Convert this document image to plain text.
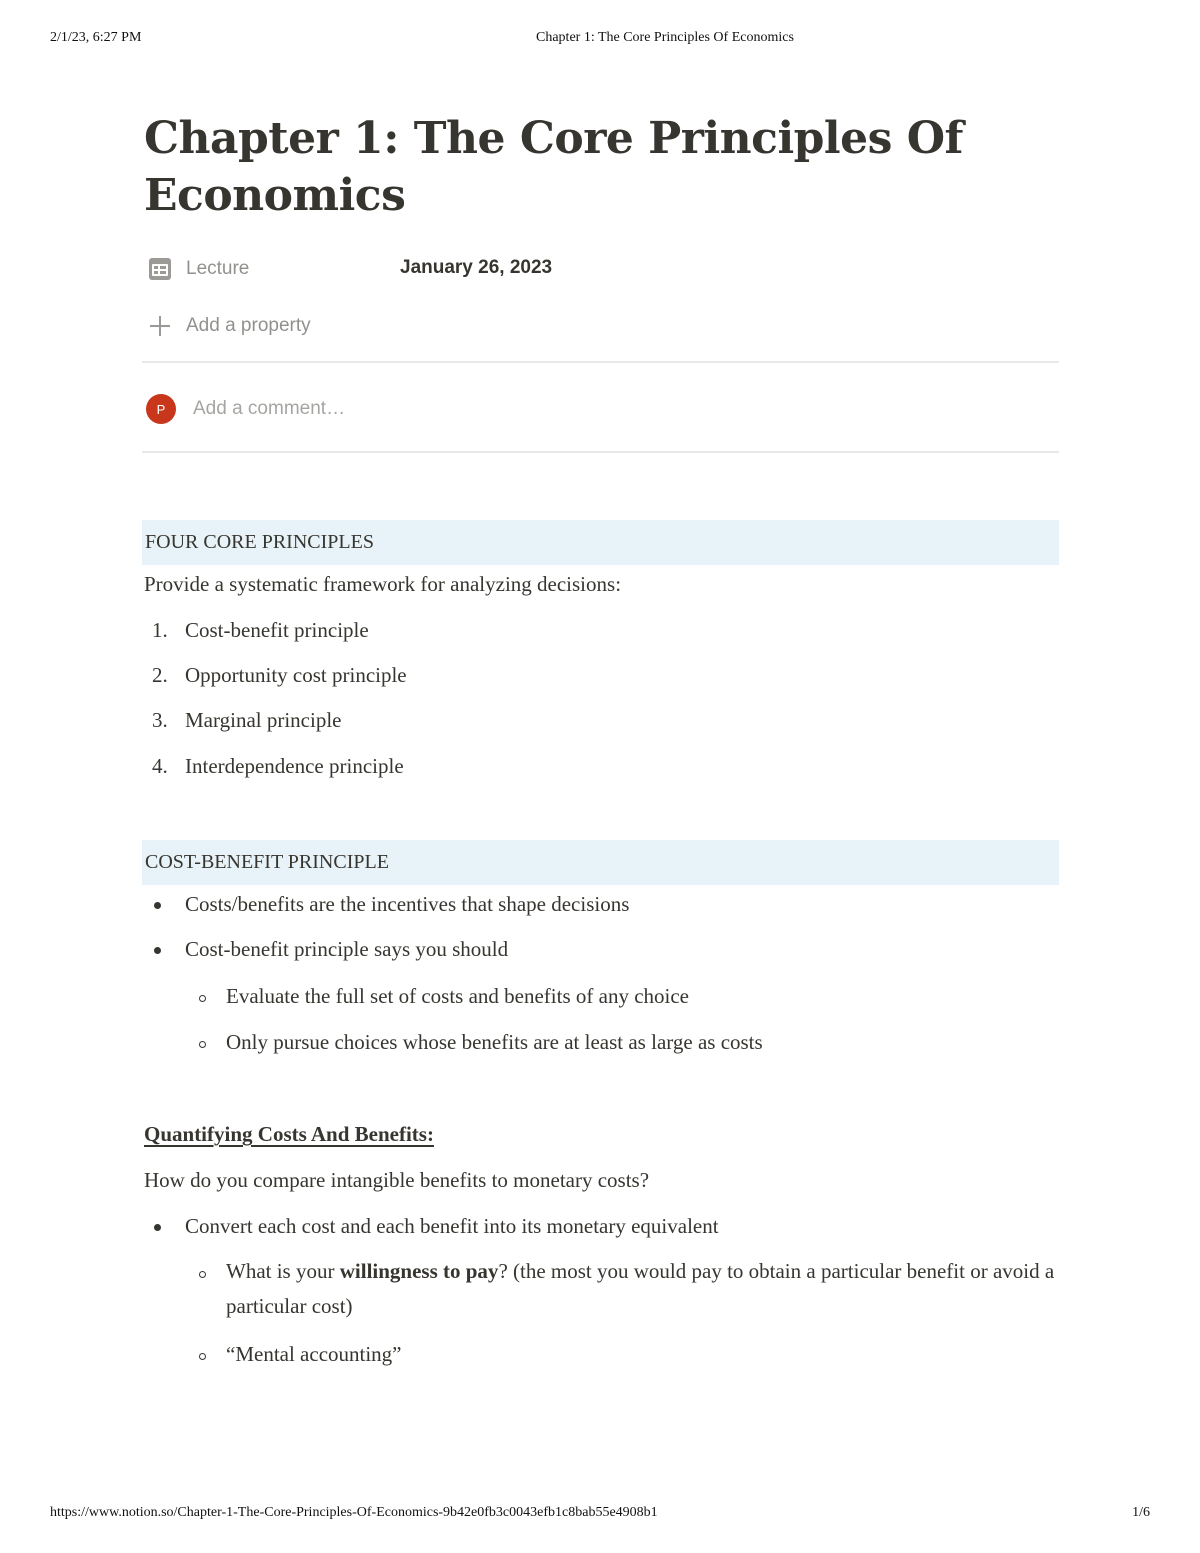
2/1/23, 6:27 PM	Chapter 1: The Core Principles Of Economics
Chapter 1: The Core Principles Of Economics
Lecture	January 26, 2023
Add a property
P	Add a comment…
FOUR CORE PRINCIPLES
Provide a systematic framework for analyzing decisions:
1. Cost-benefit principle
2. Opportunity cost principle
3. Marginal principle
4. Interdependence principle
COST-BENEFIT PRINCIPLE
Costs/benefits are the incentives that shape decisions
Cost-benefit principle says you should
Evaluate the full set of costs and benefits of any choice
Only pursue choices whose benefits are at least as large as costs
Quantifying Costs And Benefits:
How do you compare intangible benefits to monetary costs?
Convert each cost and each benefit into its monetary equivalent
What is your willingness to pay? (the most you would pay to obtain a particular benefit or avoid a particular cost)
“Mental accounting”
https://www.notion.so/Chapter-1-The-Core-Principles-Of-Economics-9b42e0fb3c0043efb1c8bab55e4908b1	1/6
